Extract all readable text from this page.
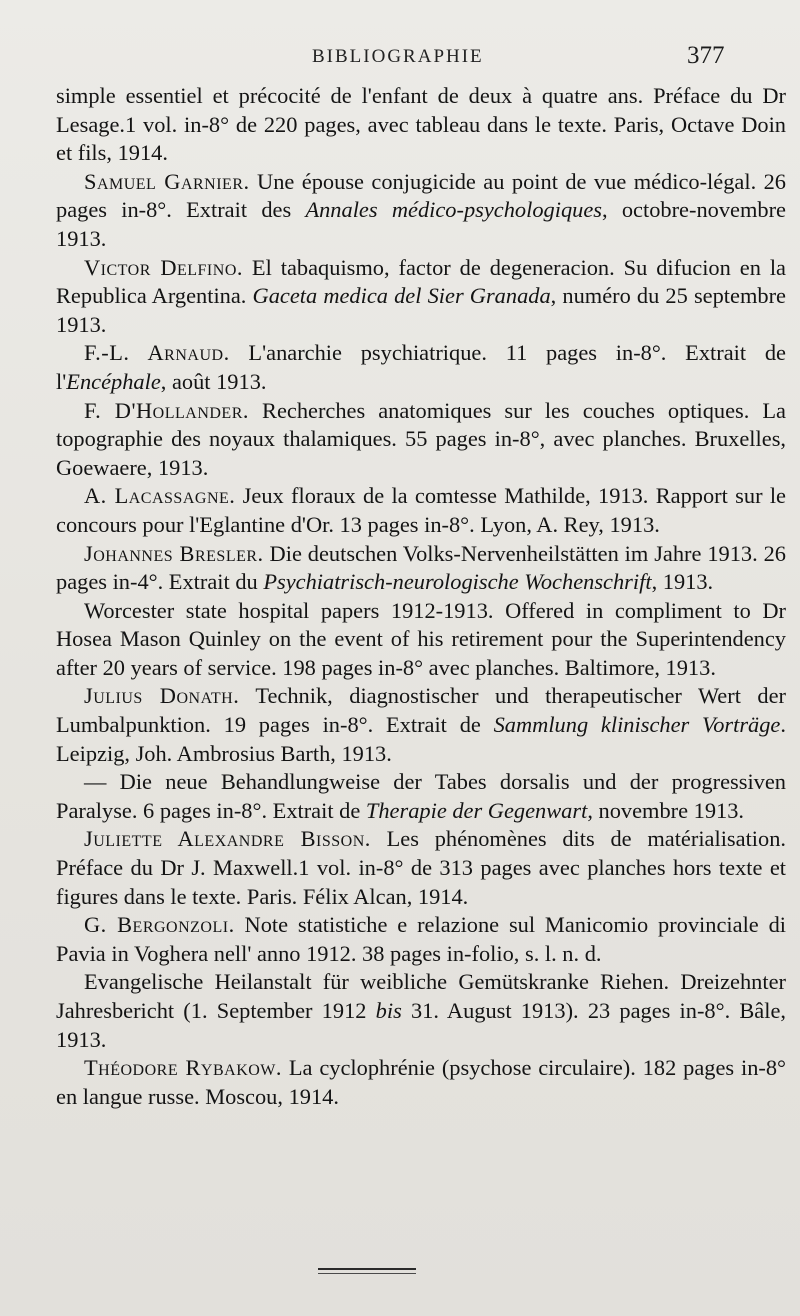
BIBLIOGRAPHIE	377

simple essentiel et précocité de l'enfant de deux à quatre ans. Préface du Dr Lesage.1 vol. in-8° de 220 pages, avec tableau dans le texte. Paris, Octave Doin et fils, 1914.

Samuel Garnier. Une épouse conjugicide au point de vue médico-légal. 26 pages in-8°. Extrait des Annales médico-psychologiques, octobre-novembre 1913.

Victor Delfino. El tabaquismo, factor de degeneracion. Su difucion en la Republica Argentina. Gaceta medica del Sier Granada, numéro du 25 septembre 1913.

F.-L. Arnaud. L'anarchie psychiatrique. 11 pages in-8°. Extrait de l'Encéphale, août 1913.

F. D'Hollander. Recherches anatomiques sur les couches optiques. La topographie des noyaux thalamiques. 55 pages in-8°, avec planches. Bruxelles, Goewaere, 1913.

A. Lacassagne. Jeux floraux de la comtesse Mathilde, 1913. Rapport sur le concours pour l'Eglantine d'Or. 13 pages in-8°. Lyon, A. Rey, 1913.

Johannes Bresler. Die deutschen Volks-Nervenheilstätten im Jahre 1913. 26 pages in-4°. Extrait du Psychiatrisch-neurologische Wochenschrift, 1913.

Worcester state hospital papers 1912-1913. Offered in compliment to Dr Hosea Mason Quinley on the event of his retirement pour the Superintendency after 20 years of service. 198 pages in-8° avec planches. Baltimore, 1913.

Julius Donath. Technik, diagnostischer und therapeutischer Wert der Lumbalpunktion. 19 pages in-8°. Extrait de Sammlung klinischer Vorträge. Leipzig, Joh. Ambrosius Barth, 1913.

— Die neue Behandlungweise der Tabes dorsalis und der progressiven Paralyse. 6 pages in-8°. Extrait de Therapie der Gegenwart, novembre 1913.

Juliette Alexandre Bisson. Les phénomènes dits de matérialisation. Préface du Dr J. Maxwell.1 vol. in-8° de 313 pages avec planches hors texte et figures dans le texte. Paris. Félix Alcan, 1914.

G. Bergonzoli. Note statistiche e relazione sul Manicomio provinciale di Pavia in Voghera nell' anno 1912. 38 pages in-folio, s. l. n. d.

Evangelische Heilanstalt für weibliche Gemütskranke Riehen. Dreizehnter Jahresbericht (1. September 1912 bis 31. August 1913). 23 pages in-8°. Bâle, 1913.

Théodore Rybakow. La cyclophrénie (psychose circulaire). 182 pages in-8° en langue russe. Moscou, 1914.
